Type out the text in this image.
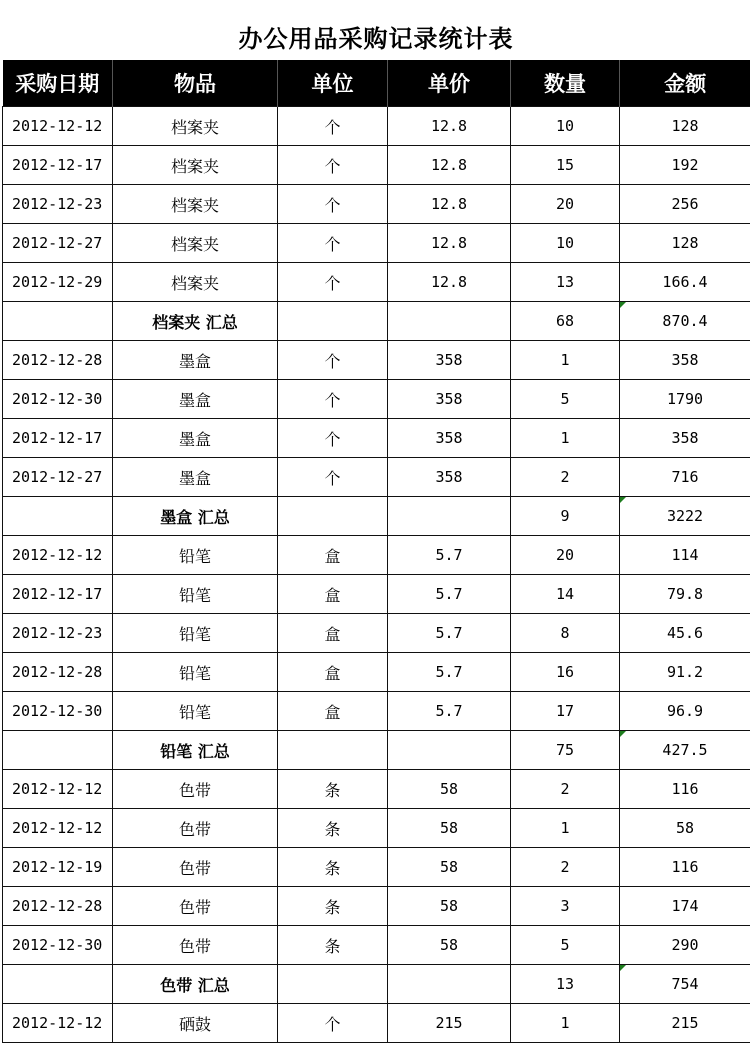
办公用品采购记录统计表
采购日期	物品	单位	单价	数量	金额
2012-12-12	档案夹	个	12.8	10	128
2012-12-17	档案夹	个	12.8	15	192
2012-12-23	档案夹	个	12.8	20	256
2012-12-27	档案夹	个	12.8	10	128
2012-12-29	档案夹	个	12.8	13	166.4
	档案夹 汇总			68	870.4
2012-12-28	墨盒	个	358	1	358
2012-12-30	墨盒	个	358	5	1790
2012-12-17	墨盒	个	358	1	358
2012-12-27	墨盒	个	358	2	716
	墨盒 汇总			9	3222
2012-12-12	铅笔	盒	5.7	20	114
2012-12-17	铅笔	盒	5.7	14	79.8
2012-12-23	铅笔	盒	5.7	8	45.6
2012-12-28	铅笔	盒	5.7	16	91.2
2012-12-30	铅笔	盒	5.7	17	96.9
	铅笔 汇总			75	427.5
2012-12-12	色带	条	58	2	116
2012-12-12	色带	条	58	1	58
2012-12-19	色带	条	58	2	116
2012-12-28	色带	条	58	3	174
2012-12-30	色带	条	58	5	290
	色带 汇总			13	754
2012-12-12	硒鼓	个	215	1	215
